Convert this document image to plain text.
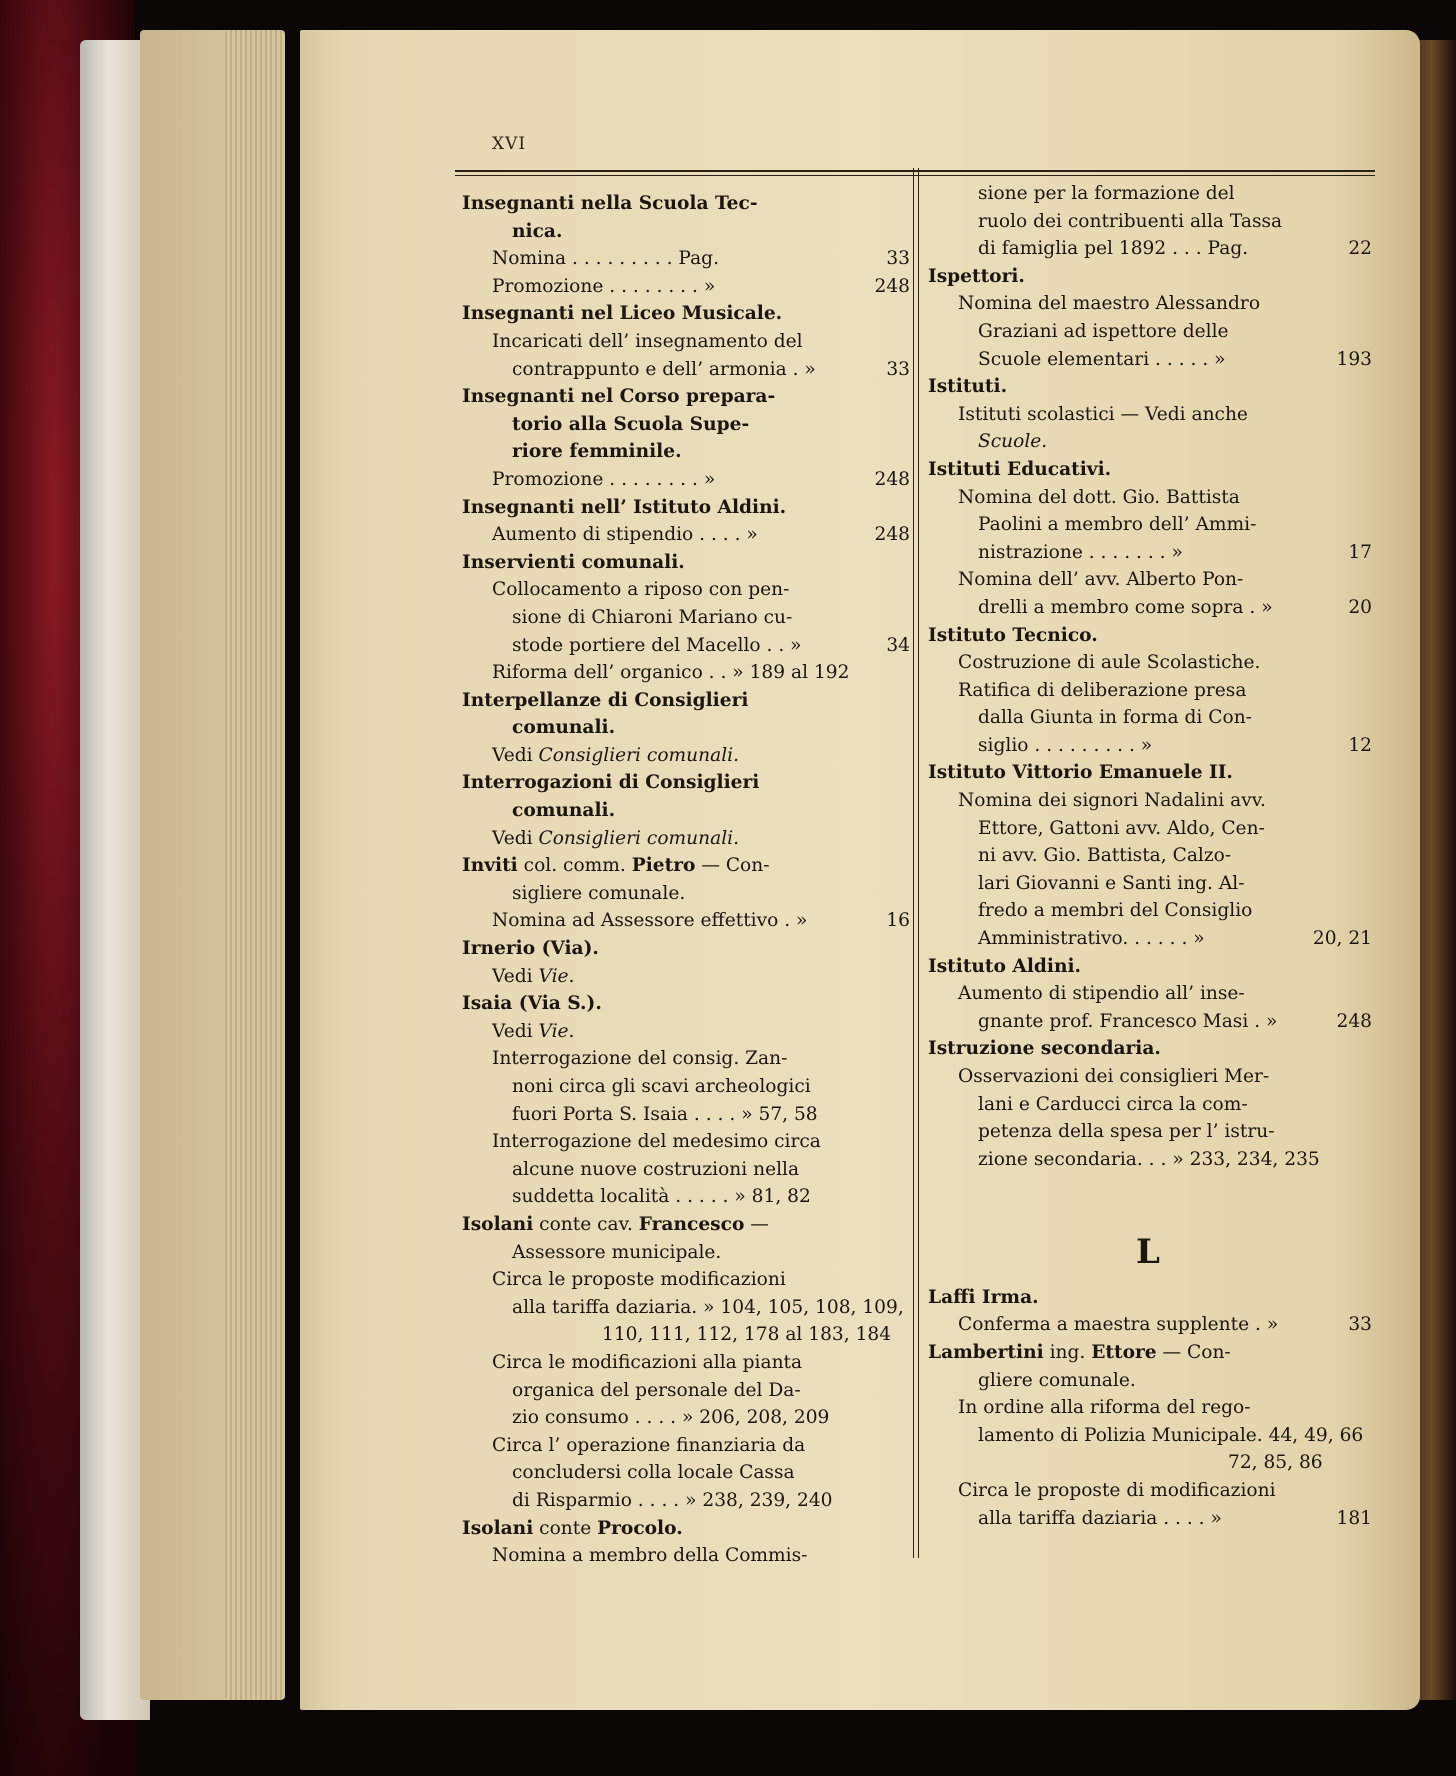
XVI
Insegnanti nella Scuola Tec-
nica.
Nomina . . . . . . . . . Pag.	33
Promozione . . . . . . . . »	248
Insegnanti nel Liceo Musicale.
Incaricati dell’ insegnamento del
contrappunto e dell’ armonia . »	33
Insegnanti nel Corso prepara-
torio alla Scuola Supe-
riore femminile.
Promozione . . . . . . . . »	248
Insegnanti nell’ Istituto Aldini.
Aumento di stipendio . . . . »	248
Inservienti comunali.
Collocamento a riposo con pen-
sione di Chiaroni Mariano cu-
stode portiere del Macello . . »	34
Riforma dell’ organico . . » 189 al 192
Interpellanze di Consiglieri
comunali.
Vedi Consiglieri comunali.
Interrogazioni di Consiglieri
comunali.
Vedi Consiglieri comunali.
Inviti col. comm. Pietro — Con-
sigliere comunale.
Nomina ad Assessore effettivo . »	16
Irnerio (Via).
Vedi Vie.
Isaia (Via S.).
Vedi Vie.
Interrogazione del consig. Zan-
noni circa gli scavi archeologici
fuori Porta S. Isaia . . . . » 57, 58
Interrogazione del medesimo circa
alcune nuove costruzioni nella
suddetta località . . . . . » 81, 82
Isolani conte cav. Francesco —
Assessore municipale.
Circa le proposte modificazioni
alla tariffa daziaria. » 104, 105, 108, 109,
110, 111, 112, 178 al 183, 184
Circa le modificazioni alla pianta
organica del personale del Da-
zio consumo . . . . » 206, 208, 209
Circa l’ operazione finanziaria da
concludersi colla locale Cassa
di Risparmio . . . . » 238, 239, 240
Isolani conte Procolo.
Nomina a membro della Commis-
sione per la formazione del
ruolo dei contribuenti alla Tassa
di famiglia pel 1892 . . . Pag.	22
Ispettori.
Nomina del maestro Alessandro
Graziani ad ispettore delle
Scuole elementari . . . . . »	193
Istituti.
Istituti scolastici — Vedi anche
Scuole.
Istituti Educativi.
Nomina del dott. Gio. Battista
Paolini a membro dell’ Ammi-
nistrazione . . . . . . . »	17
Nomina dell’ avv. Alberto Pon-
drelli a membro come sopra . »	20
Istituto Tecnico.
Costruzione di aule Scolastiche.
Ratifica di deliberazione presa
dalla Giunta in forma di Con-
siglio . . . . . . . . . »	12
Istituto Vittorio Emanuele II.
Nomina dei signori Nadalini avv.
Ettore, Gattoni avv. Aldo, Cen-
ni avv. Gio. Battista, Calzo-
lari Giovanni e Santi ing. Al-
fredo a membri del Consiglio
Amministrativo. . . . . . »	20, 21
Istituto Aldini.
Aumento di stipendio all’ inse-
gnante prof. Francesco Masi . »	248
Istruzione secondaria.
Osservazioni dei consiglieri Mer-
lani e Carducci circa la com-
petenza della spesa per l’ istru-
zione secondaria. . . » 233, 234, 235
Laffi Irma.
Conferma a maestra supplente . »	33
Lambertini ing. Ettore — Con-
gliere comunale.
In ordine alla riforma del rego-
lamento di Polizia Municipale. 44, 49, 66
72, 85, 86
Circa le proposte di modificazioni
alla tariffa daziaria . . . . »	181
L
